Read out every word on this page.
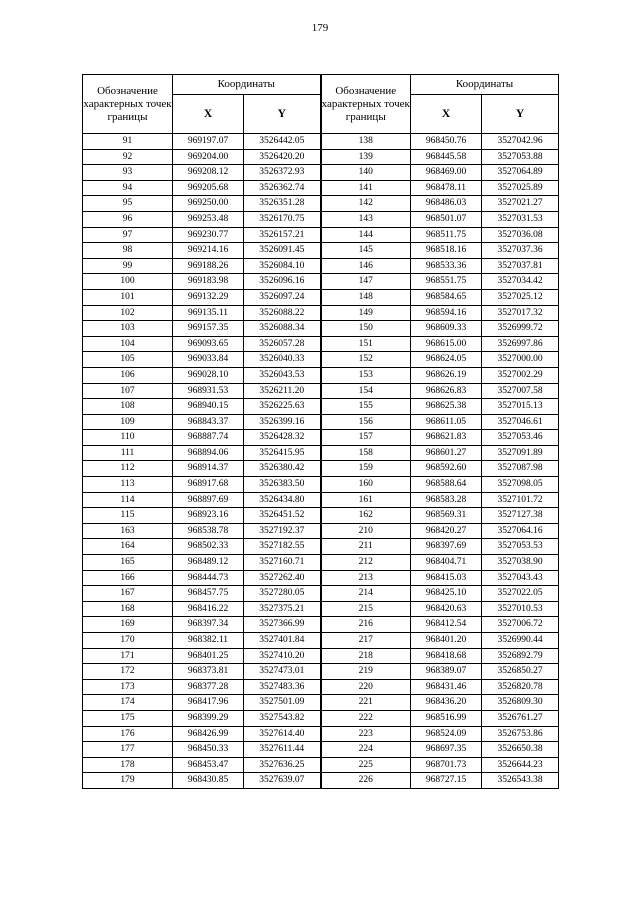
179
Обозначение характерных точек границы	Координаты		Обозначение характерных точек границы	Координаты	
	X	Y		X	Y
91	969197.07	3526442.05	138	968450.76	3527042.96
92	969204.00	3526420.20	139	968445.58	3527053.88
93	969208.12	3526372.93	140	968469.00	3527064.89
94	969205.68	3526362.74	141	968478.11	3527025.89
95	969250.00	3526351.28	142	968486.03	3527021.27
96	969253.48	3526170.75	143	968501.07	3527031.53
97	969230.77	3526157.21	144	968511.75	3527036.08
98	969214.16	3526091.45	145	968518.16	3527037.36
99	969188.26	3526084.10	146	968533.36	3527037.81
100	969183.98	3526096.16	147	968551.75	3527034.42
101	969132.29	3526097.24	148	968584.65	3527025.12
102	969135.11	3526088.22	149	968594.16	3527017.32
103	969157.35	3526088.34	150	968609.33	3526999.72
104	969093.65	3526057.28	151	968615.00	3526997.86
105	969033.84	3526040.33	152	968624.05	3527000.00
106	969028.10	3526043.53	153	968626.19	3527002.29
107	968931.53	3526211.20	154	968626.83	3527007.58
108	968940.15	3526225.63	155	968625.38	3527015.13
109	968843.37	3526399.16	156	968611.05	3527046.61
110	968887.74	3526428.32	157	968621.83	3527053.46
111	968894.06	3526415.95	158	968601.27	3527091.89
112	968914.37	3526380.42	159	968592.60	3527087.98
113	968917.68	3526383.50	160	968588.64	3527098.05
114	968897.69	3526434.80	161	968583.28	3527101.72
115	968923.16	3526451.52	162	968569.31	3527127.38
163	968538.78	3527192.37	210	968420.27	3527064.16
164	968502.33	3527182.55	211	968397.69	3527053.53
165	968489.12	3527160.71	212	968404.71	3527038.90
166	968444.73	3527262.40	213	968415.03	3527043.43
167	968457.75	3527280.05	214	968425.10	3527022.05
168	968416.22	3527375.21	215	968420.63	3527010.53
169	968397.34	3527366.99	216	968412.54	3527006.72
170	968382.11	3527401.84	217	968401.20	3526990.44
171	968401.25	3527410.20	218	968418.68	3526892.79
172	968373.81	3527473.01	219	968389.07	3526850.27
173	968377.28	3527483.36	220	968431.46	3526820.78
174	968417.96	3527501.09	221	968436.20	3526809.30
175	968399.29	3527543.82	222	968516.99	3526761.27
176	968426.99	3527614.40	223	968524.09	3526753.86
177	968450.33	3527611.44	224	968697.35	3526650.38
178	968453.47	3527636.25	225	968701.73	3526644.23
179	968430.85	3527639.07	226	968727.15	3526543.38
